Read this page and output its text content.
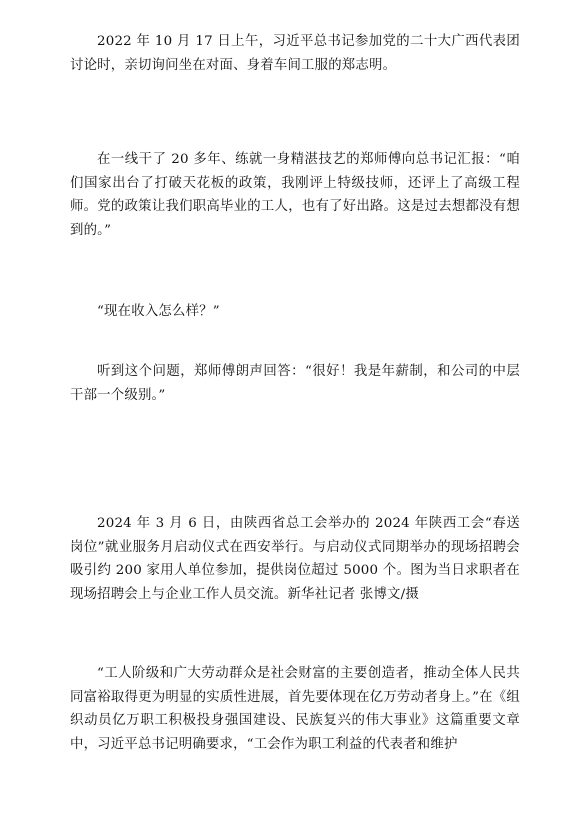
2022 年 10 月 17 日上午，习近平总书记参加党的二十大广西代表团讨论时，亲切询问坐在对面、身着车间工服的郑志明。

在一线干了 20 多年、练就一身精湛技艺的郑师傅向总书记汇报：“咱们国家出台了打破天花板的政策，我刚评上特级技师，还评上了高级工程师。党的政策让我们职高毕业的工人，也有了好出路。这是过去想都没有想到的。”

“现在收入怎么样？”

听到这个问题，郑师傅朗声回答：“很好！我是年薪制，和公司的中层干部一个级别。”

2024 年 3 月 6 日，由陕西省总工会举办的 2024 年陕西工会“春送岗位”就业服务月启动仪式在西安举行。与启动仪式同期举办的现场招聘会吸引约 200 家用人单位参加，提供岗位超过 5000 个。图为当日求职者在现场招聘会上与企业工作人员交流。新华社记者 张博文/摄

“工人阶级和广大劳动群众是社会财富的主要创造者，推动全体人民共同富裕取得更为明显的实质性进展，首先要体现在亿万劳动者身上。”在《组织动员亿万职工积极投身强国建设、民族复兴的伟大事业》这篇重要文章中，习近平总书记明确要求，“工会作为职工利益的代表者和维护
